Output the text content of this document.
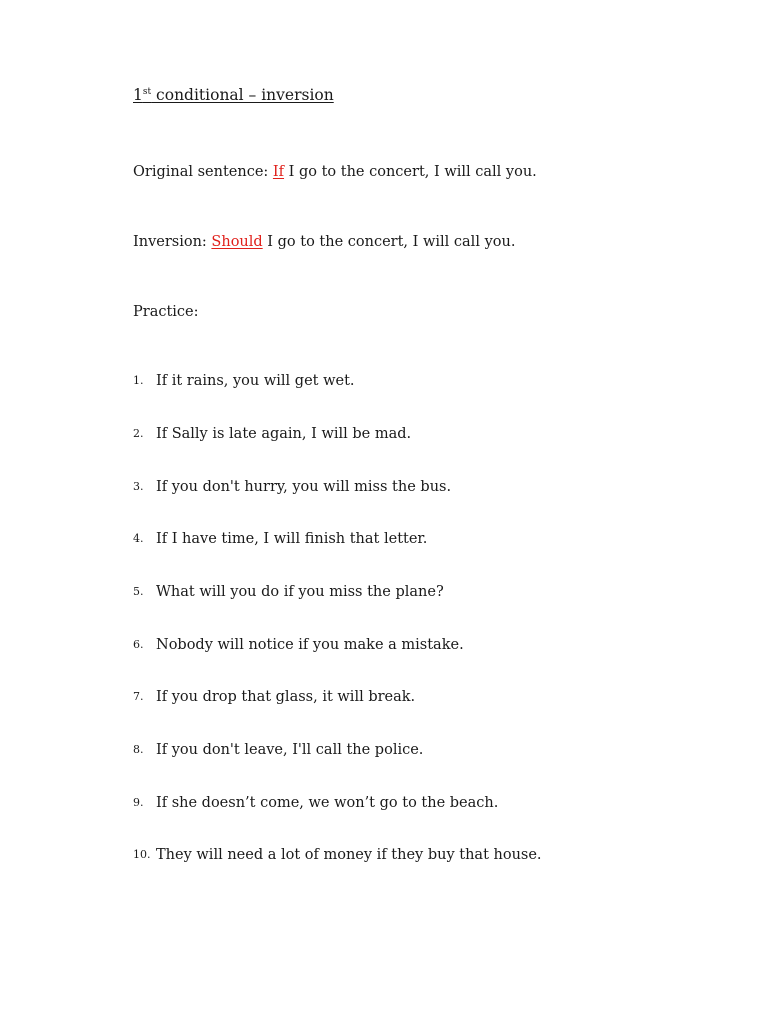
1st conditional – inversion
Original sentence: If I go to the concert, I will call you.
Inversion: Should I go to the concert, I will call you.
Practice:
1. If it rains, you will get wet.
2. If Sally is late again, I will be mad.
3. If you don't hurry, you will miss the bus.
4. If I have time, I will finish that letter.
5. What will you do if you miss the plane?
6. Nobody will notice if you make a mistake.
7. If you drop that glass, it will break.
8. If you don't leave, I'll call the police.
9. If she doesn’t come, we won’t go to the beach.
10. They will need a lot of money if they buy that house.
